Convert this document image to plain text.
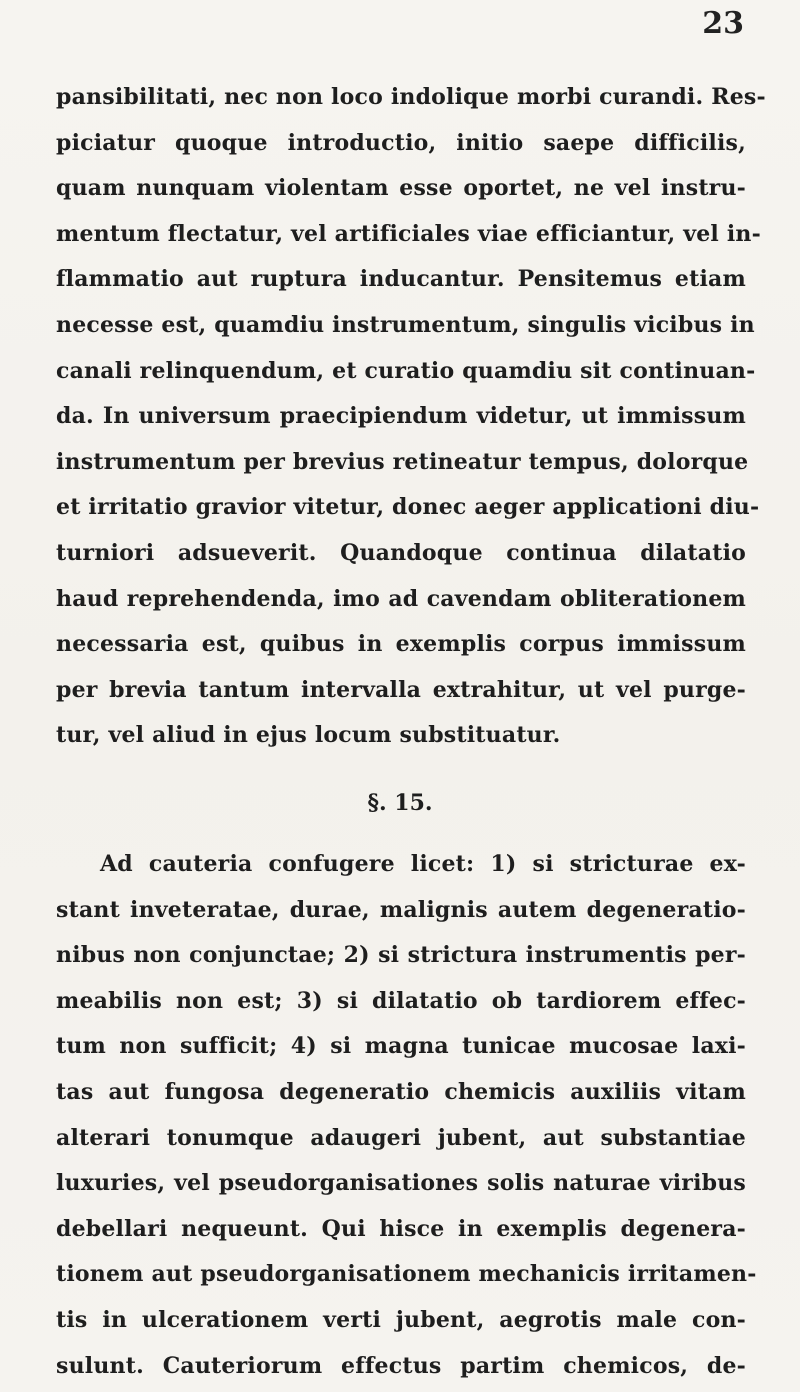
23
pansibilitati, nec non loco indolique morbi curandi. Res-
piciatur quoque introductio, initio saepe difficilis,
quam nunquam violentam esse oportet, ne vel instru-
mentum flectatur, vel artificiales viae efficiantur, vel in-
flammatio aut ruptura inducantur. Pensitemus etiam
necesse est, quamdiu instrumentum, singulis vicibus in
canali relinquendum, et curatio quamdiu sit continuan-
da. In universum praecipiendum videtur, ut immissum
instrumentum per brevius retineatur tempus, dolorque
et irritatio gravior vitetur, donec aeger applicationi diu-
turniori adsueverit. Quandoque continua dilatatio
haud reprehendenda, imo ad cavendam obliterationem
necessaria est, quibus in exemplis corpus immissum
per brevia tantum intervalla extrahitur, ut vel purge-
tur, vel aliud in ejus locum substituatur.
§. 15.
Ad cauteria confugere licet: 1) si stricturae ex-
stant inveteratae, durae, malignis autem degeneratio-
nibus non conjunctae; 2) si strictura instrumentis per-
meabilis non est; 3) si dilatatio ob tardiorem effec-
tum non sufficit; 4) si magna tunicae mucosae laxi-
tas aut fungosa degeneratio chemicis auxiliis vitam
alterari tonumque adaugeri jubent, aut substantiae
luxuries, vel pseudorganisationes solis naturae viribus
debellari nequeunt. Qui hisce in exemplis degenera-
tionem aut pseudorganisationem mechanicis irritamen-
tis in ulcerationem verti jubent, aegrotis male con-
sulunt. Cauteriorum effectus partim chemicos, de-
